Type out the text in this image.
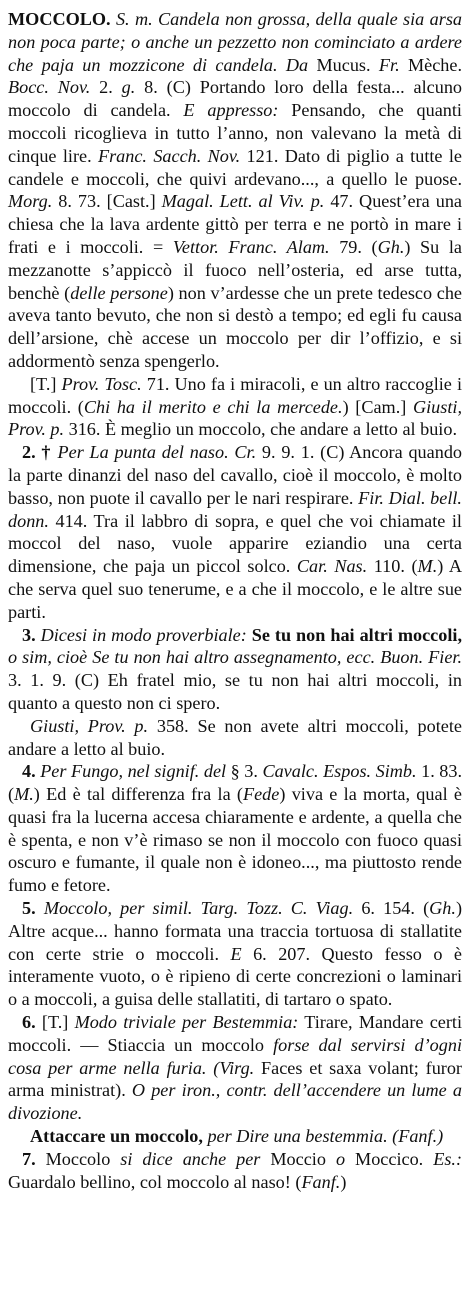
MOCCOLO. S. m. Candela non grossa, della quale sia arsa non poca parte; o anche un pezzetto non cominciato a ardere che paja un mozzicone di candela. Da Mucus. Fr. Mèche. Bocc. Nov. 2. g. 8. (C) Portando loro della festa... alcuno moccolo di candela. E appresso: Pensando, che quanti moccoli ricoglieva in tutto l’anno, non valevano la metà di cinque lire. Franc. Sacch. Nov. 121. Dato di piglio a tutte le candele e moccoli, che quivi ardevano..., a quello le puose. Morg. 8. 73. [Cast.] Magal. Lett. al Viv. p. 47. Quest’era una chiesa che la lava ardente gittò per terra e ne portò in mare i frati e i moccoli. = Vettor. Franc. Alam. 79. (Gh.) Su la mezzanotte s’appiccò il fuoco nell’osteria, ed arse tutta, benchè (delle persone) non v’ardesse che un prete tedesco che aveva tanto bevuto, che non si destò a tempo; ed egli fu causa dell’arsione, chè accese un moccolo per dir l’offizio, e si addormentò senza spengerlo.

[T.] Prov. Tosc. 71. Uno fa i miracoli, e un altro raccoglie i moccoli. (Chi ha il merito e chi la mercede.) [Cam.] Giusti, Prov. p. 316. È meglio un moccolo, che andare a letto al buio.

2. † Per La punta del naso. Cr. 9. 9. 1. (C) Ancora quando la parte dinanzi del naso del cavallo, cioè il moccolo, è molto basso, non puote il cavallo per le nari respirare. Fir. Dial. bell. donn. 414. Tra il labbro di sopra, e quel che voi chiamate il moccol del naso, vuole apparire eziandio una certa dimensione, che paja un piccol solco. Car. Nas. 110. (M.) A che serva quel suo tenerume, e a che il moccolo, e le altre sue parti.

3. Dicesi in modo proverbiale: Se tu non hai altri moccoli, o sim, cioè Se tu non hai altro assegnamento, ecc. Buon. Fier. 3. 1. 9. (C) Eh fratel mio, se tu non hai altri moccoli, in quanto a questo non ci spero.

Giusti, Prov. p. 358. Se non avete altri moccoli, potete andare a letto al buio.

4. Per Fungo, nel signif. del § 3. Cavalc. Espos. Simb. 1. 83. (M.) Ed è tal differenza fra la (Fede) viva e la morta, qual è quasi fra la lucerna accesa chiaramente e ardente, a quella che è spenta, e non v’è rimaso se non il moccolo con fuoco quasi oscuro e fumante, il quale non è idoneo..., ma piuttosto rende fumo e fetore.

5. Moccolo, per simil. Targ. Tozz. C. Viag. 6. 154. (Gh.) Altre acque... hanno formata una traccia tortuosa di stallatite con certe strie o moccoli. E 6. 207. Questo fesso o è interamente vuoto, o è ripieno di certe concrezioni o laminari o a moccoli, a guisa delle stallatiti, di tartaro o spato.

6. [T.] Modo triviale per Bestemmia: Tirare, Mandare certi moccoli. — Stiaccia un moccolo forse dal servirsi d’ogni cosa per arme nella furia. (Virg. Faces et saxa volant; furor arma ministrat). O per iron., contr. dell’accendere un lume a divozione.

Attaccare un moccolo, per Dire una bestemmia. (Fanf.)

7. Moccolo si dice anche per Moccio o Moccico. Es.: Guardalo bellino, col moccolo al naso! (Fanf.)
